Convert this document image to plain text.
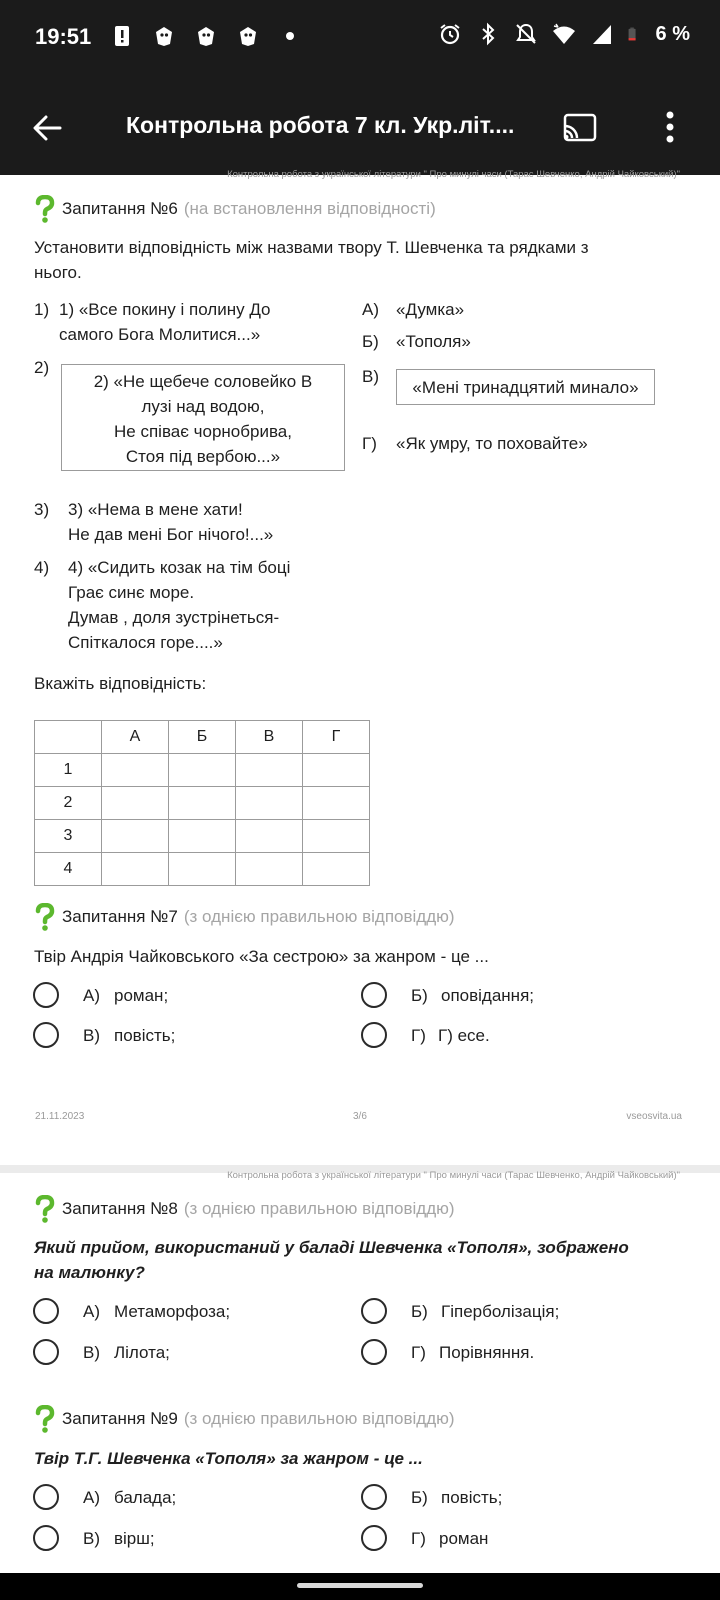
19:51	6 %
Контрольна робота 7 кл. Укр.літ....
Контрольна робота з української літератури " Про минулі часи (Тарас Шевченко, Андрій Чайковський)"
Запитання №6 (на встановлення відповідності)
Установити відповідність між назвами твору Т. Шевченка та рядками з
нього.
1) 1) «Все покину і полину До
самого Бога Молитися...»
2)
2) «Не щебече соловейко В
лузі над водою,
Не співає чорнобрива,
Стоя під вербою...»
3) 3) «Нема в мене хати!
Не дав мені Бог нічого!...»
4) 4) «Сидить козак на тім боці
Грає синє море.
Думав , доля зустрінеться-
Спіткалося горе....»
А) «Думка»
Б) «Тополя»
В)
«Мені тринадцятий минало»
Г) «Як умру, то поховайте»
Вкажіть відповідність:
	А	Б	В	Г
1				
2				
3				
4				
Запитання №7 (з однією правильною відповіддю)
Твір Андрія Чайковського «За сестрою» за жанром - це ...
А) роман;	Б) оповідання;
В) повість;	Г) Г) есе.
21.11.2023	3/6	vseosvita.ua
Контрольна робота з української літератури " Про минулі часи (Тарас Шевченко, Андрій Чайковський)"
Запитання №8 (з однією правильною відповіддю)
Який прийом, використаний у баладі Шевченка «Тополя», зображено
на малюнку?
А) Метаморфоза;	Б) Гіперболізація;
В) Лілота;	Г) Порівняння.
Запитання №9 (з однією правильною відповіддю)
Твір Т.Г. Шевченка «Тополя» за жанром - це ...
А) балада;	Б) повість;
В) вірш;	Г) роман
